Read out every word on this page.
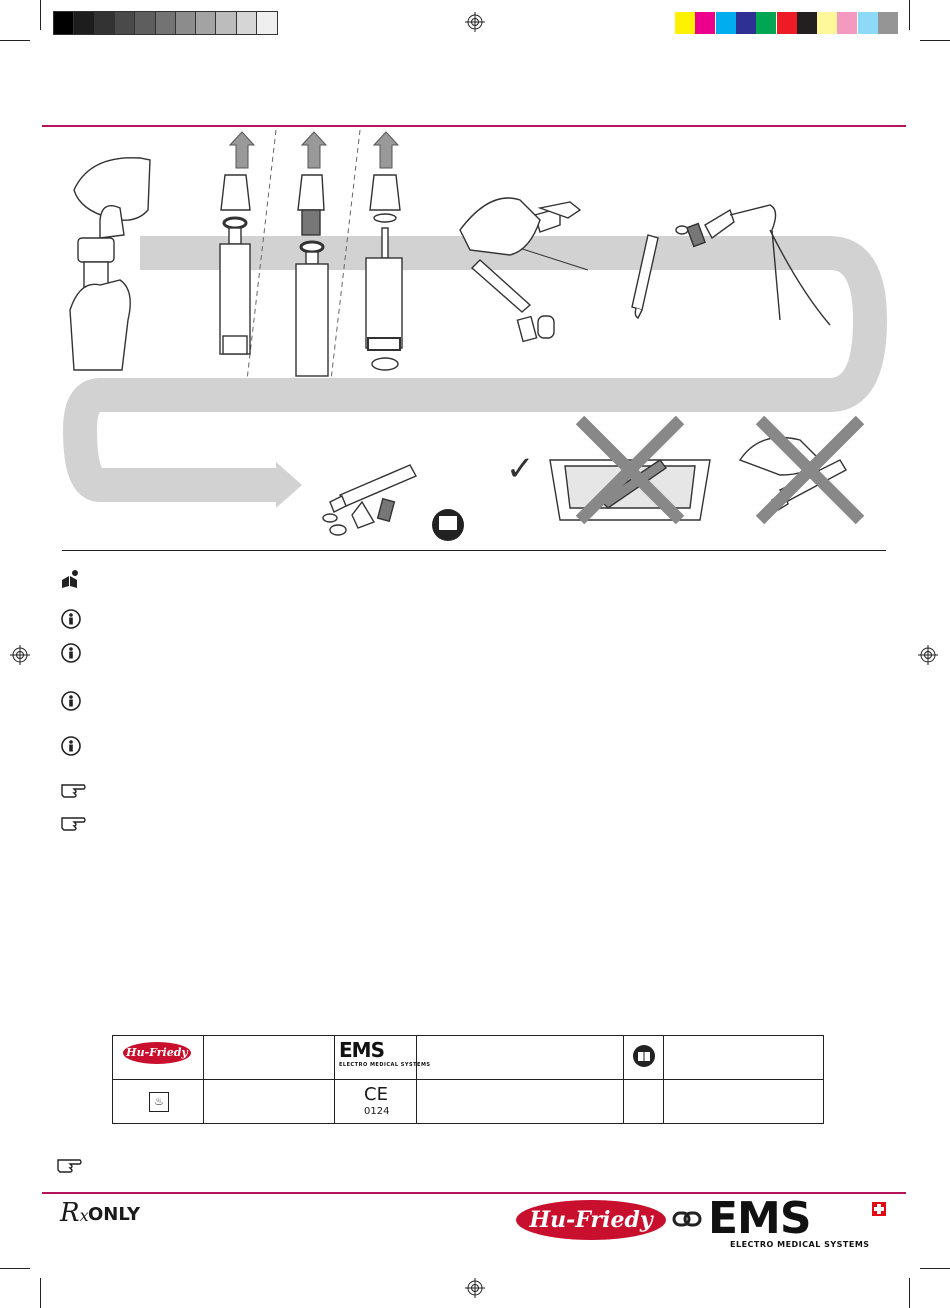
✓
Hu-Friedy	EMS
ELECTRO MEDICAL SYSTEMS
♨	CE
0124
Rx ONLY	Hu-Friedy	EMS
ELECTRO MEDICAL SYSTEMS
